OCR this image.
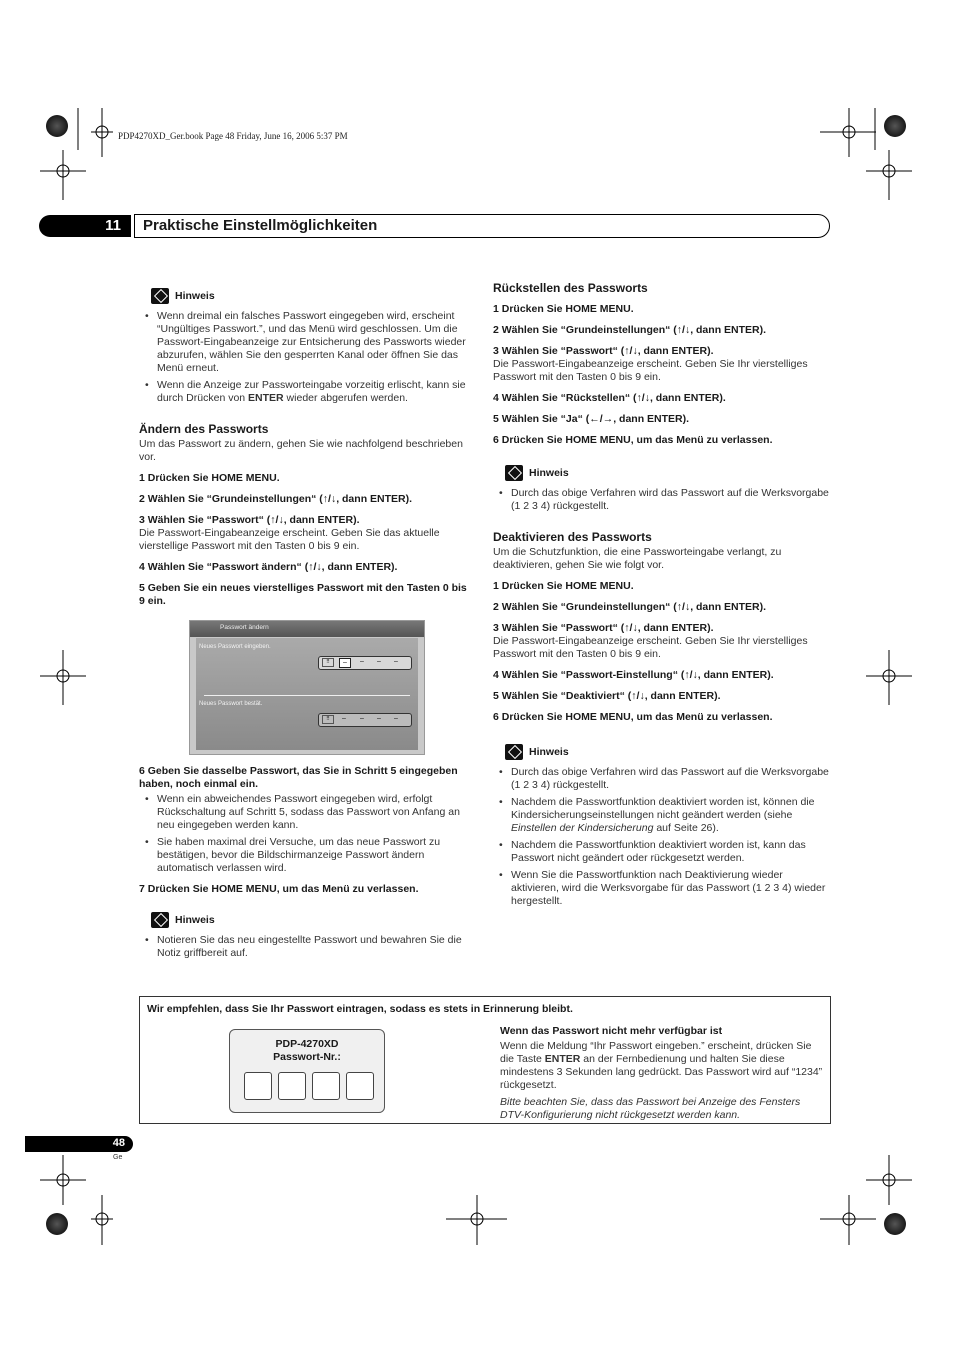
PDP4270XD_Ger.book Page 48 Friday, June 16, 2006 5:37 PM
11 Praktische Einstellmöglichkeiten
Hinweis
• Wenn dreimal ein falsches Passwort eingegeben wird, erscheint “Ungültiges Passwort.”, und das Menü wird geschlossen. Um die Passwort-Eingabeanzeige zur Entsicherung des Passworts wieder abzurufen, wählen Sie den gesperrten Kanal oder öffnen Sie das Menü erneut.
• Wenn die Anzeige zur Passworteingabe vorzeitig erlischt, kann sie durch Drücken von ENTER wieder abgerufen werden.
Ändern des Passworts
Um das Passwort zu ändern, gehen Sie wie nachfolgend beschrieben vor.
1 Drücken Sie HOME MENU.
2 Wählen Sie “Grundeinstellungen“ (↑/↓, dann ENTER).
3 Wählen Sie “Passwort“ (↑/↓, dann ENTER).
Die Passwort-Eingabeanzeige erscheint. Geben Sie das aktuelle vierstellige Passwort mit den Tasten 0 bis 9 ein.
4 Wählen Sie “Passwort ändern“ (↑/↓, dann ENTER).
5 Geben Sie ein neues vierstelliges Passwort mit den Tasten 0 bis 9 ein.
Passwort ändern
Neues Passwort eingeben.
⠿	–	–	–	–
Neues Passwort bestät.
⠿	–	–	–	–
6 Geben Sie dasselbe Passwort, das Sie in Schritt 5 eingegeben haben, noch einmal ein.
• Wenn ein abweichendes Passwort eingegeben wird, erfolgt Rückschaltung auf Schritt 5, sodass das Passwort von Anfang an neu eingegeben werden kann.
• Sie haben maximal drei Versuche, um das neue Passwort zu bestätigen, bevor die Bildschirmanzeige Passwort ändern automatisch verlassen wird.
7 Drücken Sie HOME MENU, um das Menü zu verlassen.
Hinweis
• Notieren Sie das neu eingestellte Passwort und bewahren Sie die Notiz griffbereit auf.
Rückstellen des Passworts
1 Drücken Sie HOME MENU.
2 Wählen Sie “Grundeinstellungen“ (↑/↓, dann ENTER).
3 Wählen Sie “Passwort“ (↑/↓, dann ENTER).
Die Passwort-Eingabeanzeige erscheint. Geben Sie Ihr vierstelliges Passwort mit den Tasten 0 bis 9 ein.
4 Wählen Sie “Rückstellen“ (↑/↓, dann ENTER).
5 Wählen Sie “Ja“ (←/→, dann ENTER).
6 Drücken Sie HOME MENU, um das Menü zu verlassen.
Hinweis
• Durch das obige Verfahren wird das Passwort auf die Werksvorgabe (1 2 3 4) rückgestellt.
Deaktivieren des Passworts
Um die Schutzfunktion, die eine Passworteingabe verlangt, zu deaktivieren, gehen Sie wie folgt vor.
1 Drücken Sie HOME MENU.
2 Wählen Sie “Grundeinstellungen“ (↑/↓, dann ENTER).
3 Wählen Sie “Passwort“ (↑/↓, dann ENTER).
Die Passwort-Eingabeanzeige erscheint. Geben Sie Ihr vierstelliges Passwort mit den Tasten 0 bis 9 ein.
4 Wählen Sie “Passwort-Einstellung“ (↑/↓, dann ENTER).
5 Wählen Sie “Deaktiviert“ (↑/↓, dann ENTER).
6 Drücken Sie HOME MENU, um das Menü zu verlassen.
Hinweis
• Durch das obige Verfahren wird das Passwort auf die Werksvorgabe (1 2 3 4) rückgestellt.
• Nachdem die Passwortfunktion deaktiviert worden ist, können die Kindersicherungseinstellungen nicht geändert werden (siehe Einstellen der Kindersicherung auf Seite 26).
• Nachdem die Passwortfunktion deaktiviert worden ist, kann das Passwort nicht geändert oder rückgesetzt werden.
• Wenn Sie die Passwortfunktion nach Deaktivierung wieder aktivieren, wird die Werksvorgabe für das Passwort (1 2 3 4) wieder hergestellt.
Wir empfehlen, dass Sie Ihr Passwort eintragen, sodass es stets in Erinnerung bleibt.
Wenn das Passwort nicht mehr verfügbar ist
Wenn die Meldung “Ihr Passwort eingeben.” erscheint, drücken Sie die Taste ENTER an der Fernbedienung und halten Sie diese mindestens 3 Sekunden lang gedrückt. Das Passwort wird auf “1234” rückgesetzt.
Bitte beachten Sie, dass das Passwort bei Anzeige des Fensters DTV-Konfigurierung nicht rückgesetzt werden kann.
PDP-4270XD
Passwort-Nr.:
48
Ge
